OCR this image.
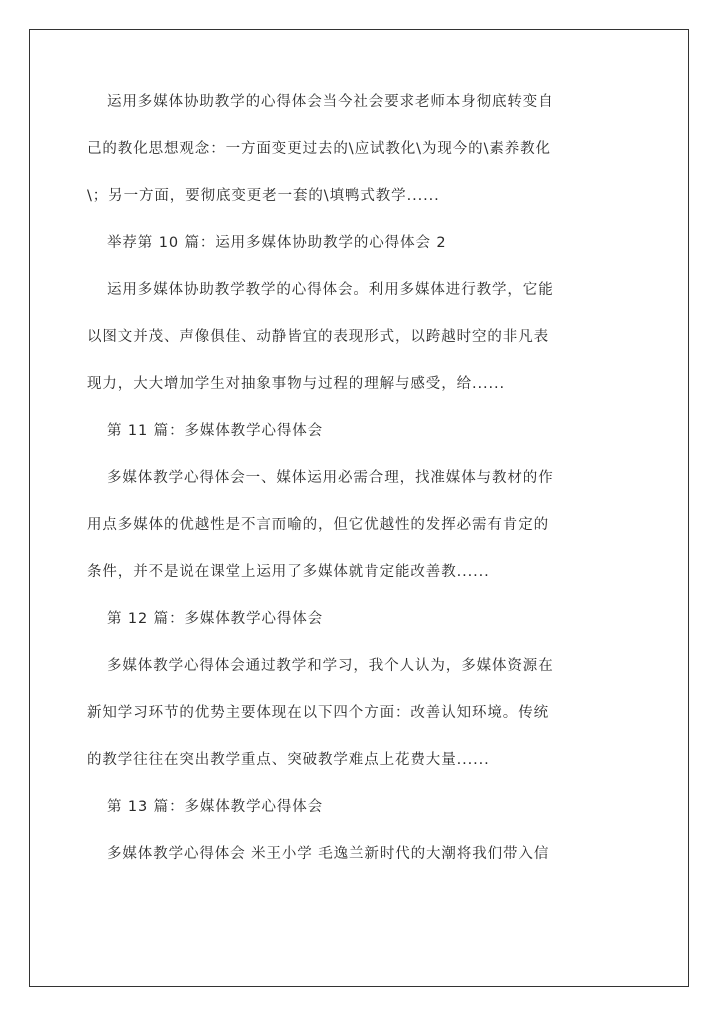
运用多媒体协助教学的心得体会当今社会要求老师本身彻底转变自
己的教化思想观念：一方面变更过去的\应试教化\为现今的\素养教化
\；另一方面，要彻底变更老一套的\填鸭式教学......
举荐第 10 篇：运用多媒体协助教学的心得体会 2
运用多媒体协助教学教学的心得体会。利用多媒体进行教学，它能
以图文并茂、声像俱佳、动静皆宜的表现形式，以跨越时空的非凡表
现力，大大增加学生对抽象事物与过程的理解与感受，给......
第 11 篇：多媒体教学心得体会
多媒体教学心得体会一、媒体运用必需合理，找准媒体与教材的作
用点多媒体的优越性是不言而喻的，但它优越性的发挥必需有肯定的
条件，并不是说在课堂上运用了多媒体就肯定能改善教......
第 12 篇：多媒体教学心得体会
多媒体教学心得体会通过教学和学习，我个人认为，多媒体资源在
新知学习环节的优势主要体现在以下四个方面：改善认知环境。传统
的教学往往在突出教学重点、突破教学难点上花费大量......
第 13 篇：多媒体教学心得体会
多媒体教学心得体会 米王小学 毛逸兰新时代的大潮将我们带入信
